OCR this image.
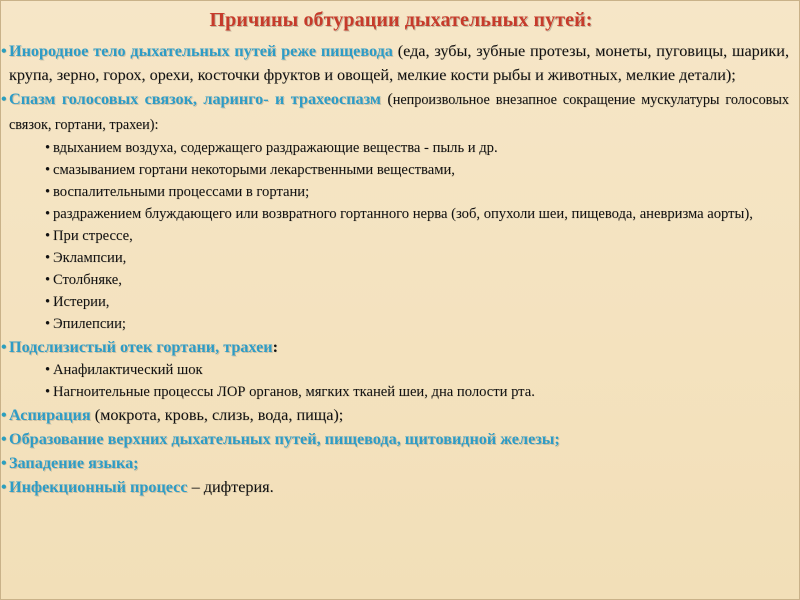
Причины обтурации дыхательных путей:
• Инородное тело дыхательных путей реже пищевода (еда, зубы, зубные протезы, монеты, пуговицы, шарики, крупа, зерно, горох, орехи, косточки фруктов и овощей, мелкие кости рыбы и животных, мелкие детали);
• Спазм голосовых связок, ларинго- и трахеоспазм (непроизвольное внезапное сокращение мускулатуры голосовых связок, гортани, трахеи):
• вдыханием воздуха, содержащего раздражающие вещества - пыль и др.
• смазыванием гортани некоторыми лекарственными веществами,
• воспалительными процессами в гортани;
• раздражением блуждающего или возвратного гортанного нерва (зоб, опухоли шеи, пищевода, аневризма аорты),
• При стрессе,
• Эклампсии,
• Столбняке,
• Истерии,
• Эпилепсии;
• Подслизистый отек гортани, трахеи:
• Анафилактический шок
• Нагноительные процессы ЛОР органов, мягких тканей шеи, дна полости рта.
• Аспирация (мокрота, кровь, слизь, вода, пища);
• Образование верхних дыхательных путей, пищевода, щитовидной железы;
• Западение языка;
• Инфекционный процесс – дифтерия.
